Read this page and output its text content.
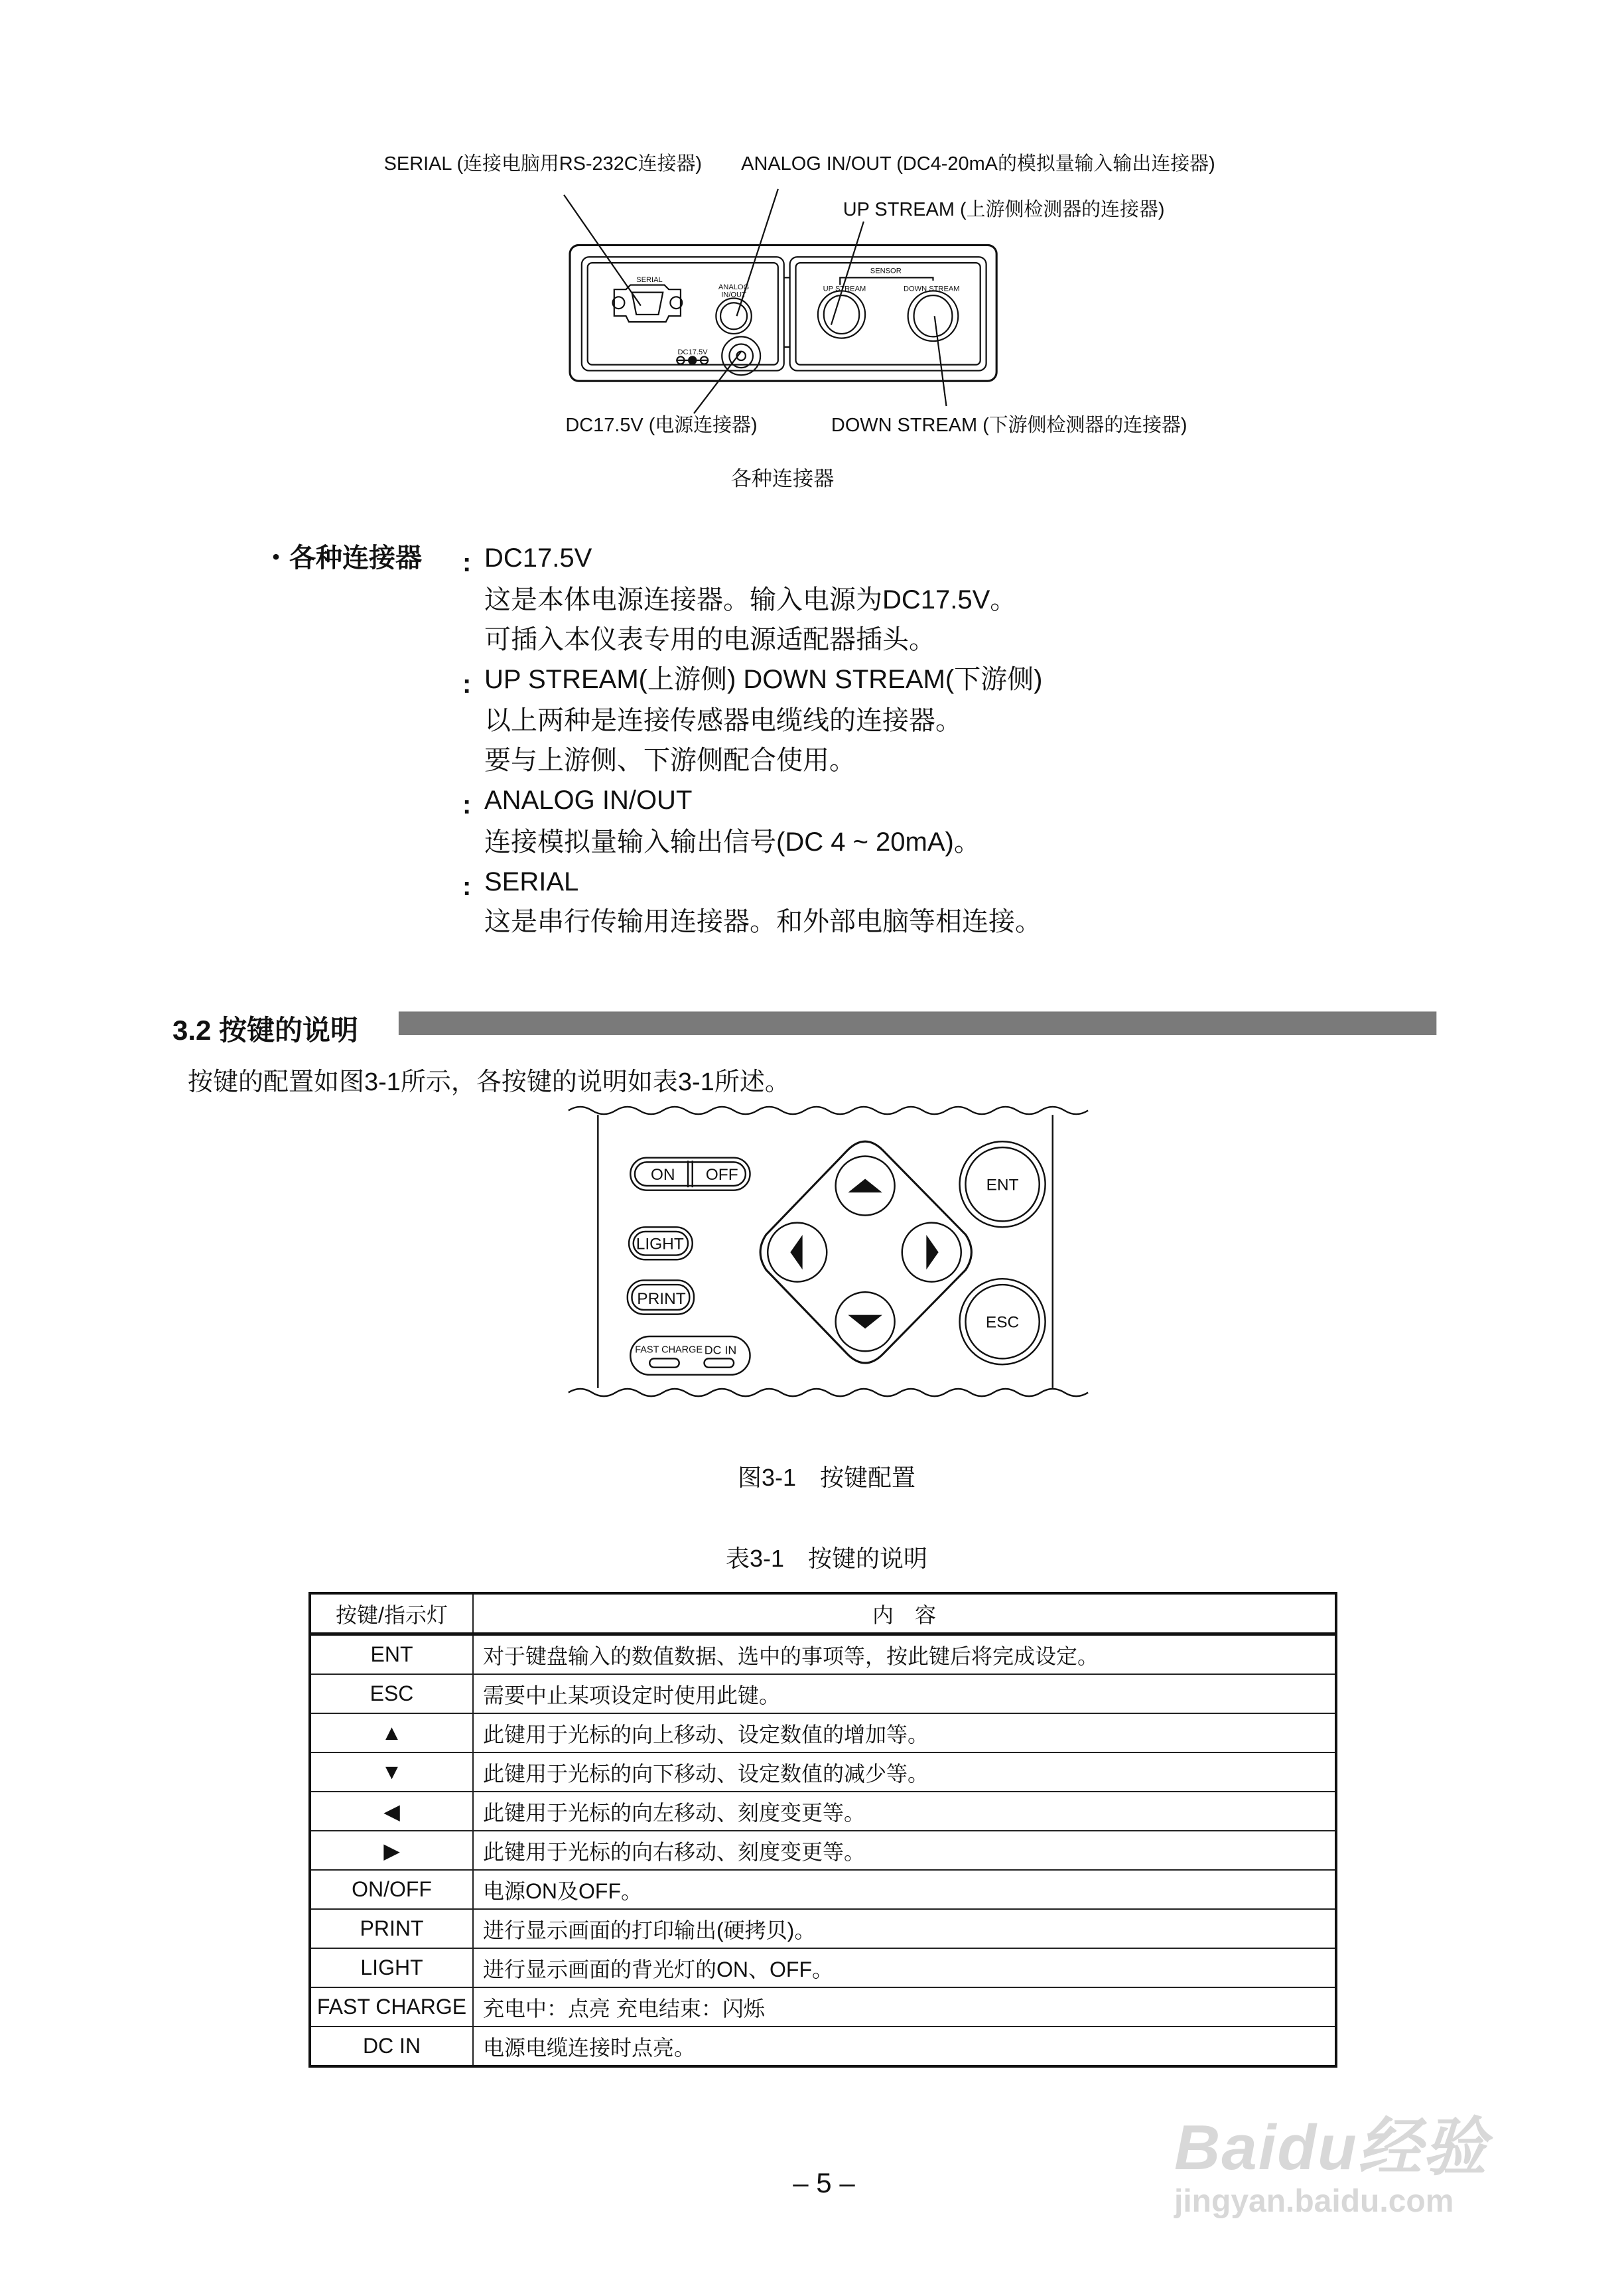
SERIAL (连接电脑用RS-232C连接器)	ANALOG IN/OUT (DC4-20mA的模拟量输入输出连接器)
UP STREAM (上游侧检测器的连接器)
DC17.5V (电源连接器)	DOWN STREAM (下游侧检测器的连接器)
SERIAL
ANALOG
IN/OUT
DC17.5V
SENSOR
UP STREAM	DOWN STREAM
各种连接器
ON	OFF
LIGHT
PRINT
FAST CHARGE DC IN
ENT
ESC
・各种连接器 :
:
:
:
DC17.5V
这是本体电源连接器。输入电源为DC17.5V。
可插入本仪表专用的电源适配器插头。
UP STREAM(上游侧) DOWN STREAM(下游侧)
以上两种是连接传感器电缆线的连接器。
要与上游侧、下游侧配合使用。
ANALOG IN/OUT
连接模拟量输入输出信号(DC 4 ~ 20mA)。
SERIAL
这是串行传输用连接器。和外部电脑等相连接。
3.2 按键的说明
按键的配置如图3-1所示，各按键的说明如表3-1所述。
图3-1　按键配置
表3-1　按键的说明
按键/指示灯	内　容
ENT	对于键盘输入的数值数据、选中的事项等，按此键后将完成设定。
ESC	需要中止某项设定时使用此键。
▲	此键用于光标的向上移动、设定数值的增加等。
▼	此键用于光标的向下移动、设定数值的减少等。
◀	此键用于光标的向左移动、刻度变更等。
▶	此键用于光标的向右移动、刻度变更等。
ON/OFF	电源ON及OFF。
PRINT	进行显示画面的打印输出(硬拷贝)。
LIGHT	进行显示画面的背光灯的ON、OFF。
FAST CHARGE	充电中：点亮 充电结束：闪烁
DC IN	电源电缆连接时点亮。
– 5 –	Baidu经验
jingyan.baidu.com
